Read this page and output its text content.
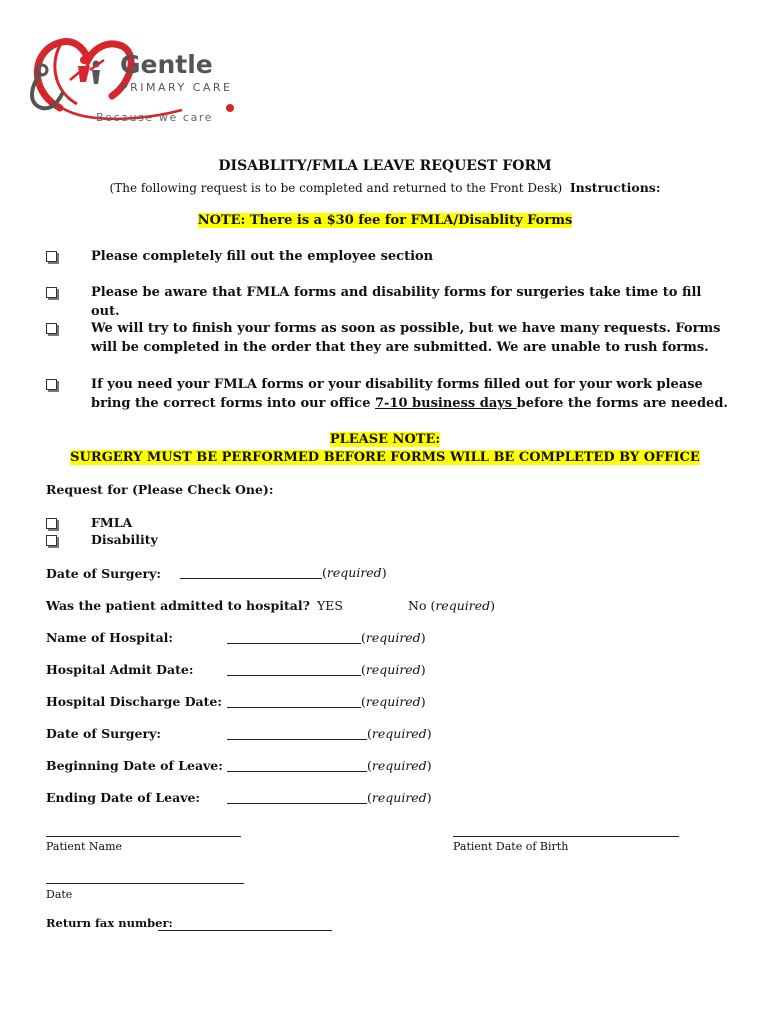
Gentle
PRIMARY CARE
Because we care
DISABLITY/FMLA LEAVE REQUEST FORM
(The following request is to be completed and returned to the Front Desk) Instructions:
NOTE: There is a $30 fee for FMLA/Disablity Forms
Please completely fill out the employee section
Please be aware that FMLA forms and disability forms for surgeries take time to fill out.
We will try to finish your forms as soon as possible, but we have many requests. Forms will be completed in the order that they are submitted. We are unable to rush forms.
If you need your FMLA forms or your disability forms filled out for your work please bring the correct forms into our office 7-10 business days before the forms are needed.
PLEASE NOTE:
SURGERY MUST BE PERFORMED BEFORE FORMS WILL BE COMPLETED BY OFFICE
Request for (Please Check One):
FMLA
Disability
Date of Surgery:	(required)
Was the patient admitted to hospital? YES	No (required)
Name of Hospital:	(required)
Hospital Admit Date:	(required)
Hospital Discharge Date:	(required)
Date of Surgery:	(required)
Beginning Date of Leave:	(required)
Ending Date of Leave:	(required)
Patient Name	Patient Date of Birth
Date
Return fax number:
